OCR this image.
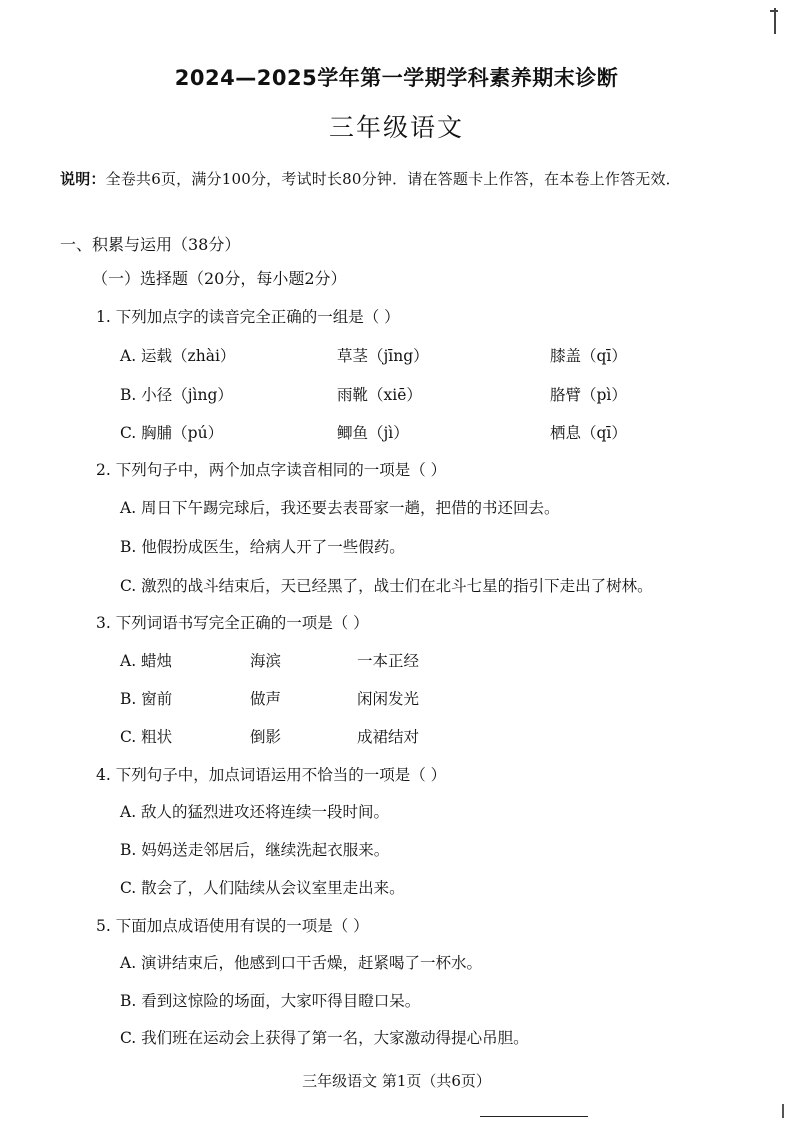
2024—2025学年第一学期学科素养期末诊断
三年级语文
说明：全卷共6页，满分100分，考试时长80分钟．请在答题卡上作答，在本卷上作答无效．
一、积累与运用（38分）
（一）选择题（20分，每小题2分）
1. 下列加点字的读音完全正确的一组是（ ）
A. 运载（zhài）	草茎（jīng）	膝盖（qī）
B. 小径（jìng）	雨靴（xiē）	胳臂（pì）
C. 胸脯（pú）	鲫鱼（jì）	栖息（qī）
2. 下列句子中，两个加点字读音相同的一项是（ ）
A. 周日下午踢完球后，我还要去表哥家一趟，把借的书还回去。
B. 他假扮成医生，给病人开了一些假药。
C. 激烈的战斗结束后，天已经黑了，战士们在北斗七星的指引下走出了树林。
3. 下列词语书写完全正确的一项是（ ）
A. 蜡烛	海滨	一本正经
B. 窗前	做声	闲闲发光
C. 粗状	倒影	成裙结对
4. 下列句子中，加点词语运用不恰当的一项是（ ）
A. 敌人的猛烈进攻还将连续一段时间。
B. 妈妈送走邻居后，继续洗起衣服来。
C. 散会了，人们陆续从会议室里走出来。
5. 下面加点成语使用有误的一项是（ ）
A. 演讲结束后，他感到口干舌燥，赶紧喝了一杯水。
B. 看到这惊险的场面，大家吓得目瞪口呆。
C. 我们班在运动会上获得了第一名，大家激动得提心吊胆。
三年级语文 第1页（共6页）
